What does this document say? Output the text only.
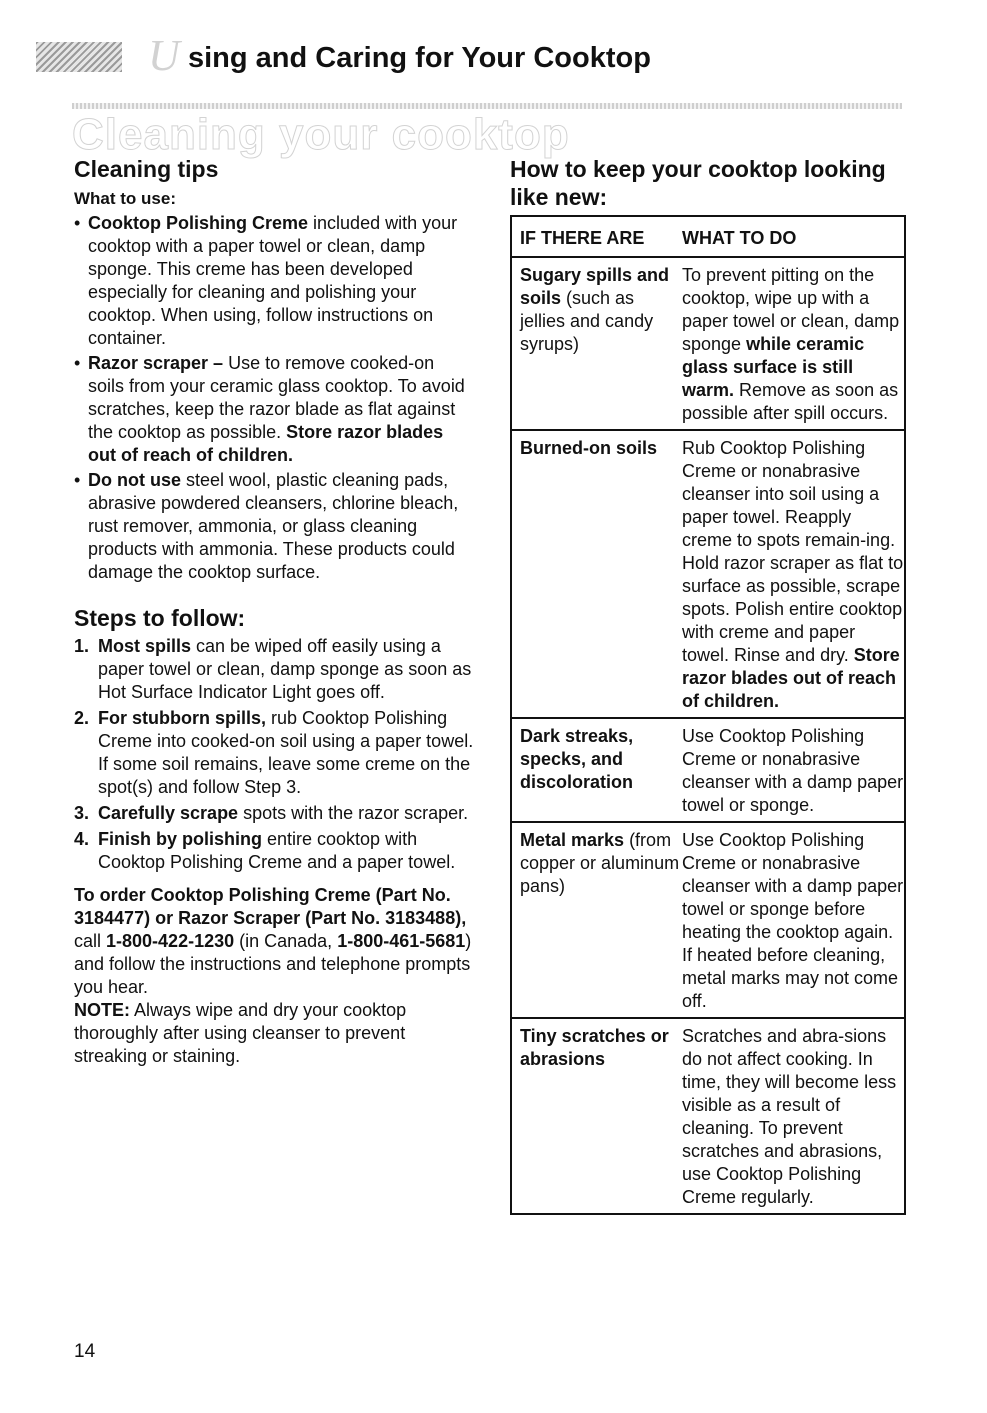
U sing and Caring for Your Cooktop
Cleaning your cooktop
Cleaning tips
What to use:
• Cooktop Polishing Creme included with your cooktop with a paper towel or clean, damp sponge. This creme has been developed especially for cleaning and polishing your cooktop. When using, follow instructions on container.
• Razor scraper – Use to remove cooked-on soils from your ceramic glass cooktop. To avoid scratches, keep the razor blade as flat against the cooktop as possible. Store razor blades out of reach of children.
• Do not use steel wool, plastic cleaning pads, abrasive powdered cleansers, chlorine bleach, rust remover, ammonia, or glass cleaning products with ammonia. These products could damage the cooktop surface.
Steps to follow:
1. Most spills can be wiped off easily using a paper towel or clean, damp sponge as soon as Hot Surface Indicator Light goes off.
2. For stubborn spills, rub Cooktop Polishing Creme into cooked-on soil using a paper towel. If some soil remains, leave some creme on the spot(s) and follow Step 3.
3. Carefully scrape spots with the razor scraper.
4. Finish by polishing entire cooktop with Cooktop Polishing Creme and a paper towel.
To order Cooktop Polishing Creme (Part No. 3184477) or Razor Scraper (Part No. 3183488), call 1-800-422-1230 (in Canada, 1-800-461-5681) and follow the instructions and telephone prompts you hear.
NOTE: Always wipe and dry your cooktop thoroughly after using cleanser to prevent streaking or staining.
14
How to keep your cooktop looking like new:
IF THERE ARE	WHAT TO DO
Sugary spills and soils (such as jellies and candy syrups)
To prevent pitting on the cooktop, wipe up with a paper towel or clean, damp sponge while ceramic glass surface is still warm. Remove as soon as possible after spill occurs.
Burned-on soils	Rub Cooktop Polishing Creme or nonabrasive cleanser into soil using a paper towel. Reapply creme to spots remain-ing. Hold razor scraper as flat to surface as possible, scrape spots. Polish entire cooktop with creme and paper towel. Rinse and dry. Store razor blades out of reach of children.
Dark streaks, specks, and discoloration
Use Cooktop Polishing Creme or nonabrasive cleanser with a damp paper towel or sponge.
Metal marks (from copper or aluminum pans)
Use Cooktop Polishing Creme or nonabrasive cleanser with a damp paper towel or sponge before heating the cooktop again. If heated before cleaning, metal marks may not come off.
Tiny scratches or abrasions
Scratches and abra-sions do not affect cooking. In time, they will become less visible as a result of cleaning. To prevent scratches and abrasions, use Cooktop Polishing Creme regularly.
